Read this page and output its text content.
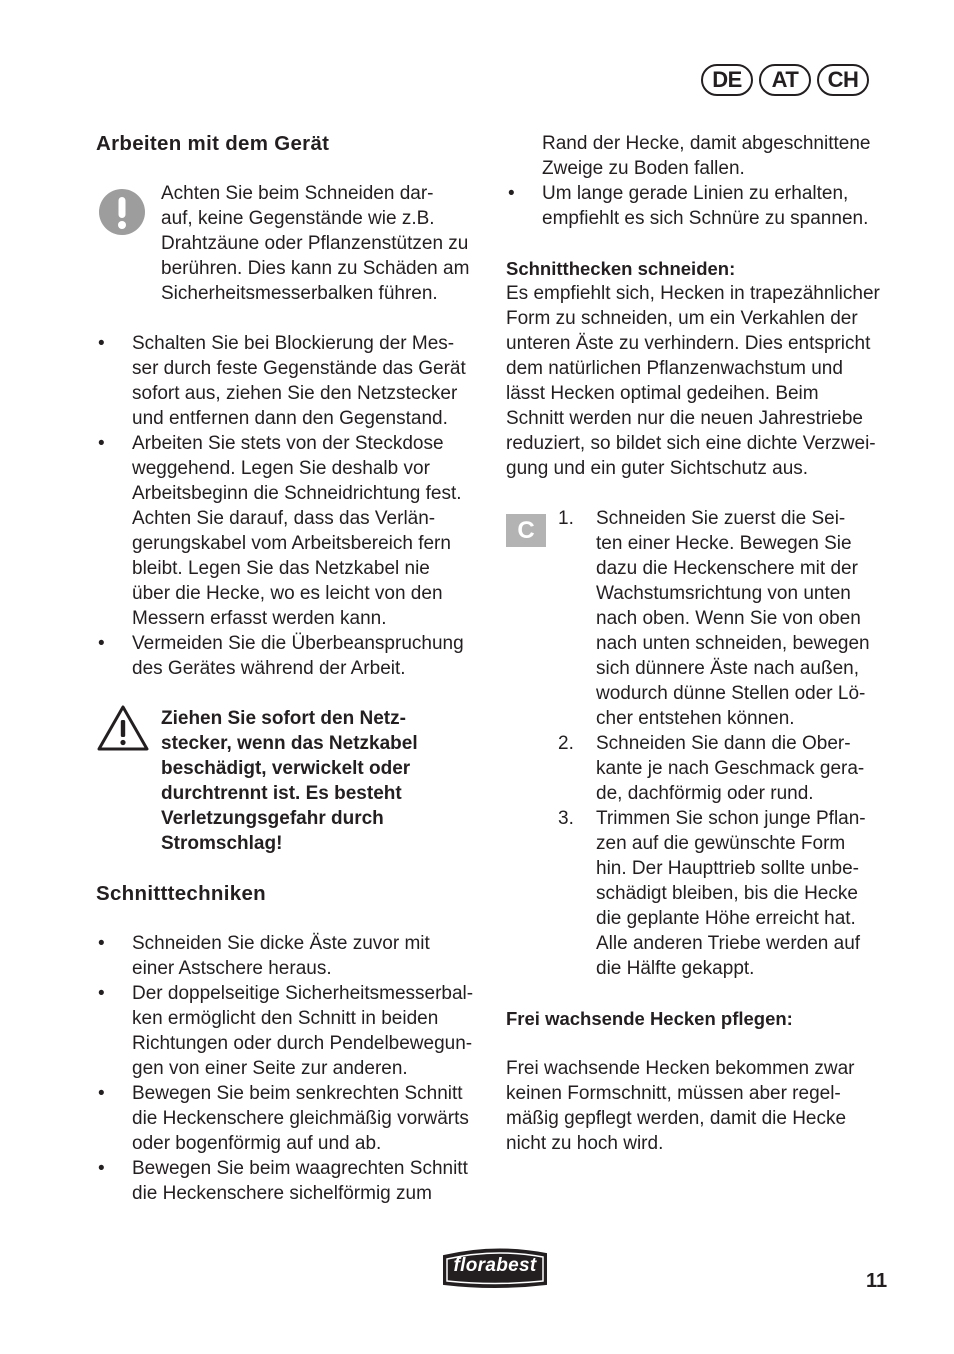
DE	AT	CH
Arbeiten mit dem Gerät
Achten Sie beim Schneiden dar-
auf, keine Gegenstände wie z.B.
Drahtzäune oder Pflanzenstützen zu
berühren. Dies kann zu Schäden am
Sicherheitsmesserbalken führen.
• Schalten Sie bei Blockierung der Mes-
ser durch feste Gegenstände das Gerät
sofort aus, ziehen Sie den Netzstecker
und entfernen dann den Gegenstand.
• Arbeiten Sie stets von der Steckdose
weggehend. Legen Sie deshalb vor
Arbeitsbeginn die Schneidrichtung fest.
Achten Sie darauf, dass das Verlän-
gerungskabel vom Arbeitsbereich fern
bleibt. Legen Sie das Netzkabel nie
über die Hecke, wo es leicht von den
Messern erfasst werden kann.
• Vermeiden Sie die Überbeanspruchung
des Gerätes während der Arbeit.
Ziehen Sie sofort den Netz-
stecker, wenn das Netzkabel
beschädigt, verwickelt oder
durchtrennt ist. Es besteht
Verletzungsgefahr durch
Stromschlag!
Schnitttechniken
• Schneiden Sie dicke Äste zuvor mit
einer Astschere heraus.
• Der doppelseitige Sicherheitsmesserbal-
ken ermöglicht den Schnitt in beiden
Richtungen oder durch Pendelbewegun-
gen von einer Seite zur anderen.
• Bewegen Sie beim senkrechten Schnitt
die Heckenschere gleichmäßig vorwärts
oder bogenförmig auf und ab.
• Bewegen Sie beim waagrechten Schnitt
die Heckenschere sichelförmig zum
Rand der Hecke, damit abgeschnittene
Zweige zu Boden fallen.
• Um lange gerade Linien zu erhalten,
empfiehlt es sich Schnüre zu spannen.
Schnitthecken schneiden:
Es empfiehlt sich, Hecken in trapezähnlicher
Form zu schneiden, um ein Verkahlen der
unteren Äste zu verhindern. Dies entspricht
dem natürlichen Pflanzenwachstum und
lässt Hecken optimal gedeihen. Beim
Schnitt werden nur die neuen Jahrestriebe
reduziert, so bildet sich eine dichte Verzwei-
gung und ein guter Sichtschutz aus.
C	1.	Schneiden Sie zuerst die Sei-
ten einer Hecke. Bewegen Sie
dazu die Heckenschere mit der
Wachstumsrichtung von unten
nach oben. Wenn Sie von oben
nach unten schneiden, bewegen
sich dünnere Äste nach außen,
wodurch dünne Stellen oder Lö-
cher entstehen können.
2.	Schneiden Sie dann die Ober-
kante je nach Geschmack gera-
de, dachförmig oder rund.
3.	Trimmen Sie schon junge Pflan-
zen auf die gewünschte Form
hin. Der Haupttrieb sollte unbe-
schädigt bleiben, bis die Hecke
die geplante Höhe erreicht hat.
Alle anderen Triebe werden auf
die Hälfte gekappt.
Frei wachsende Hecken pflegen:
Frei wachsende Hecken bekommen zwar
keinen Formschnitt, müssen aber regel-
mäßig gepflegt werden, damit die Hecke
nicht zu hoch wird.
florabest
11
